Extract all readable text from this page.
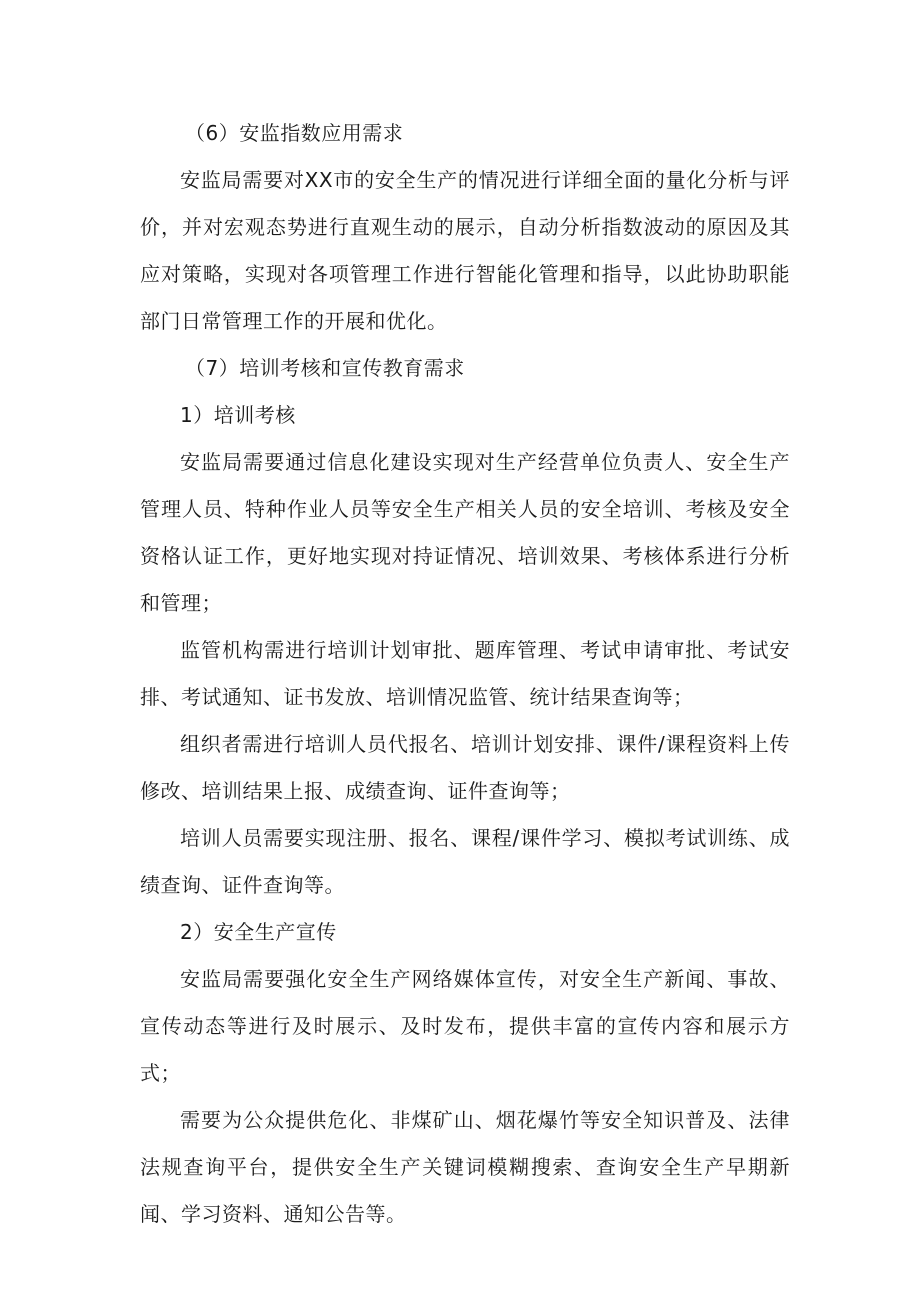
（6）安监指数应用需求

安监局需要对XX市的安全生产的情况进行详细全面的量化分析与评价，并对宏观态势进行直观生动的展示，自动分析指数波动的原因及其应对策略，实现对各项管理工作进行智能化管理和指导，以此协助职能部门日常管理工作的开展和优化。

（7）培训考核和宣传教育需求

1）培训考核

安监局需要通过信息化建设实现对生产经营单位负责人、安全生产管理人员、特种作业人员等安全生产相关人员的安全培训、考核及安全资格认证工作，更好地实现对持证情况、培训效果、考核体系进行分析和管理；

监管机构需进行培训计划审批、题库管理、考试申请审批、考试安排、考试通知、证书发放、培训情况监管、统计结果查询等；

组织者需进行培训人员代报名、培训计划安排、课件/课程资料上传修改、培训结果上报、成绩查询、证件查询等；

培训人员需要实现注册、报名、课程/课件学习、模拟考试训练、成绩查询、证件查询等。

2）安全生产宣传

安监局需要强化安全生产网络媒体宣传，对安全生产新闻、事故、宣传动态等进行及时展示、及时发布，提供丰富的宣传内容和展示方式；

需要为公众提供危化、非煤矿山、烟花爆竹等安全知识普及、法律法规查询平台，提供安全生产关键词模糊搜索、查询安全生产早期新闻、学习资料、通知公告等。
